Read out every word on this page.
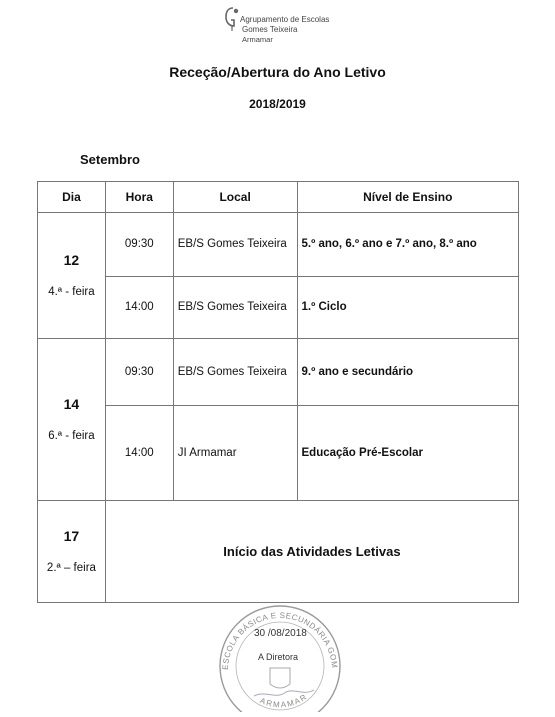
Agrupamento de Escolas
Gomes Teixeira
Armamar
Receção/Abertura do Ano Letivo
2018/2019
Setembro
Dia	Hora	Local	Nível de Ensino

12
4.ª - feira	09:30	EB/S Gomes Teixeira	5.º ano, 6.º ano e 7.º ano, 8.º ano
	14:00	EB/S Gomes Teixeira	1.º Ciclo

14
6.ª - feira	09:30	EB/S Gomes Teixeira	9.º ano e secundário
	14:00	JI Armamar	Educação Pré-Escolar

17
2.ª – feira	Início das Atividades Letivas		
ESCOLA BÁSICA E SECUNDÁRIA GOM
ARMAMAR
30 /08/2018
A Diretora
